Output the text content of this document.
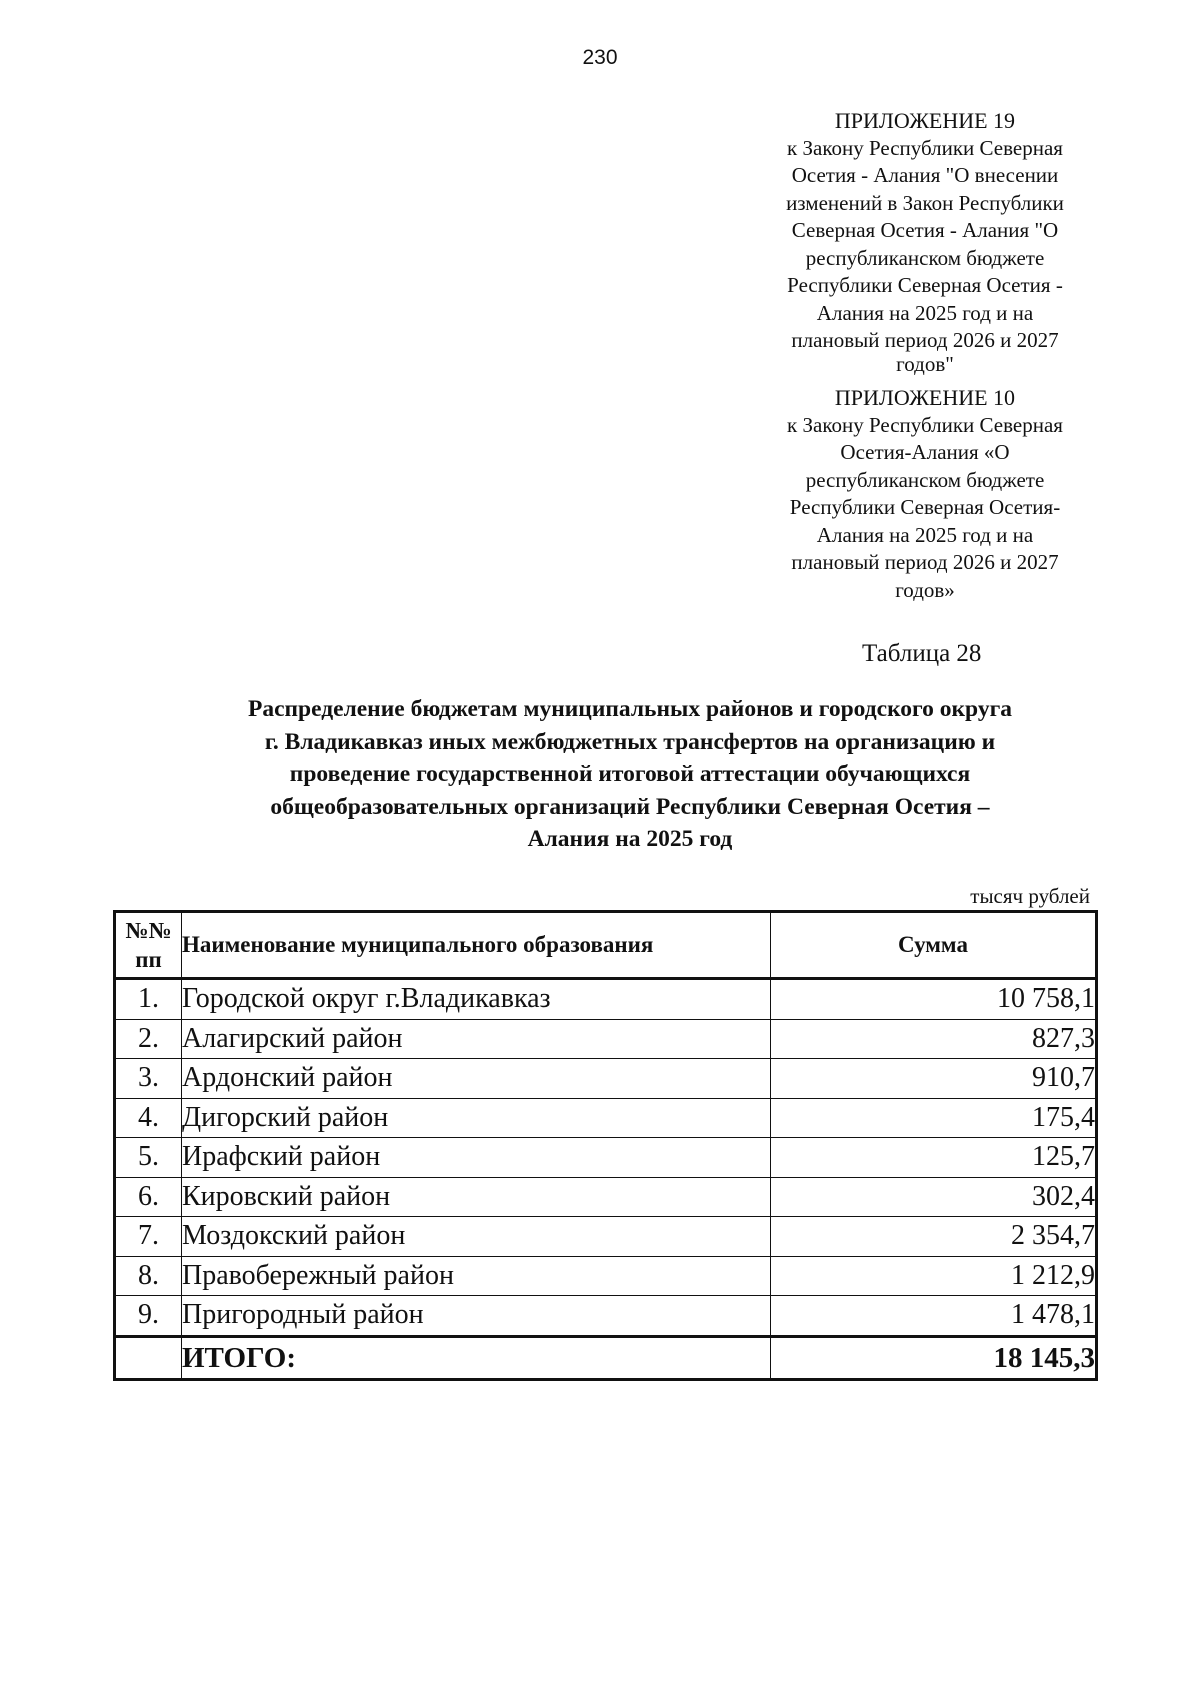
230
ПРИЛОЖЕНИЕ 19
к Закону Республики Северная
Осетия - Алания "О внесении
изменений в Закон Республики
Северная Осетия - Алания "О
республиканском бюджете
Республики Северная Осетия -
Алания на 2025 год и на
плановый период 2026 и 2027
годов"
ПРИЛОЖЕНИЕ 10
к Закону Республики Северная
Осетия-Алания «О
республиканском бюджете
Республики Северная Осетия-
Алания на 2025 год и на
плановый период 2026 и 2027
годов»
Таблица 28
Распределение бюджетам муниципальных районов и городского округа
г. Владикавказ иных межбюджетных трансфертов на организацию и
проведение государственной итоговой аттестации обучающихся
общеобразовательных организаций Республики Северная Осетия –
Алания на 2025 год
тысяч рублей
№№
пп	Наименование муниципального образования	Сумма
1.	Городской округ г.Владикавказ	10 758,1
2.	Алагирский район	827,3
3.	Ардонский район	910,7
4.	Дигорский район	175,4
5.	Ирафский район	125,7
6.	Кировский район	302,4
7.	Моздокский район	2 354,7
8.	Правобережный район	1 212,9
9.	Пригородный район	1 478,1
	ИТОГО:	18 145,3
